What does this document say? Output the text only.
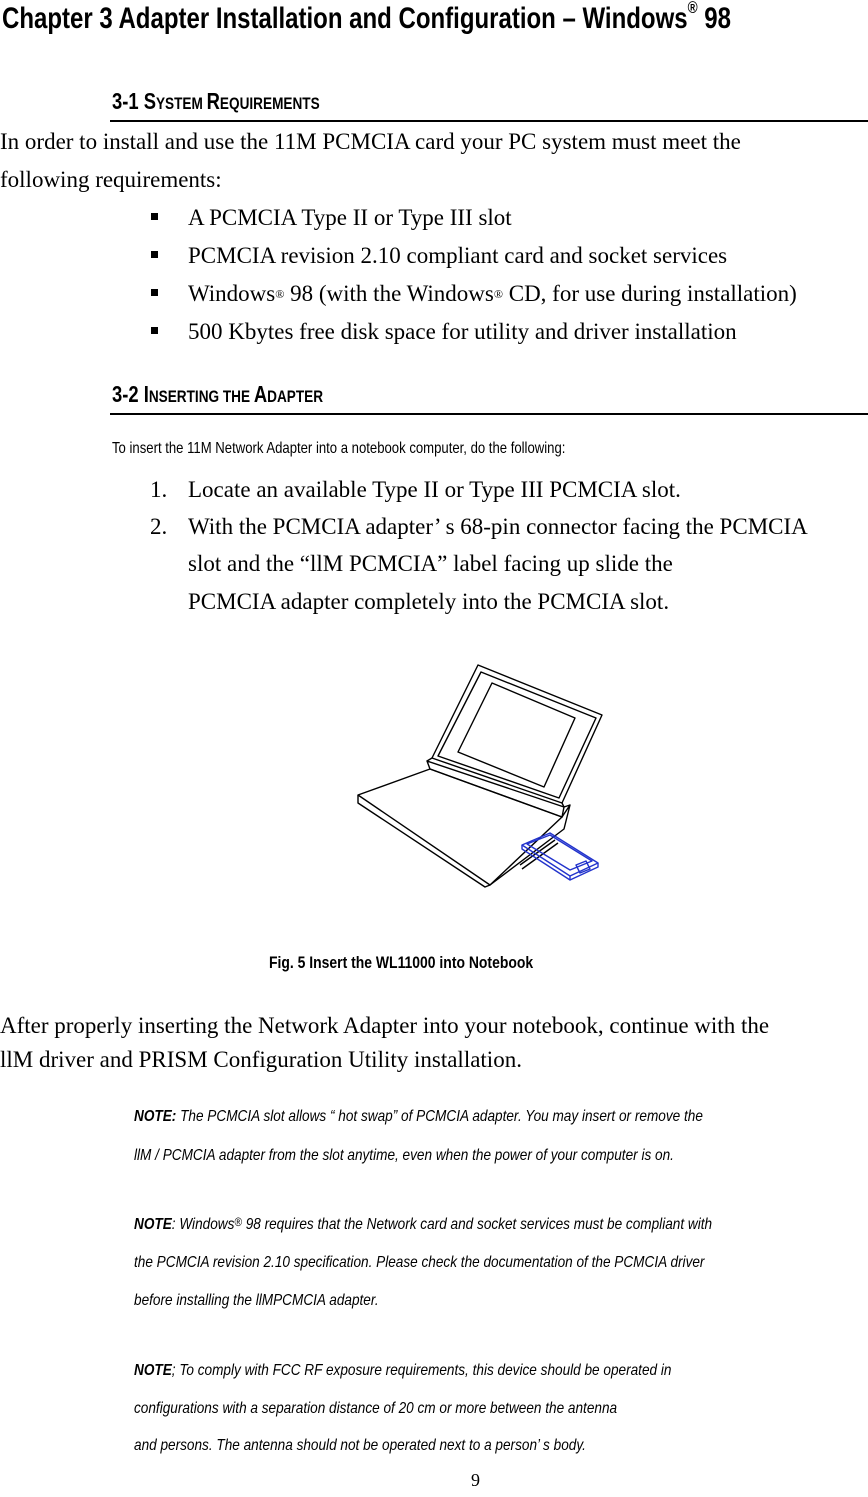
Chapter 3 Adapter Installation and Configuration – Windows® 98
3-1 SYSTEM REQUIREMENTS
In order to install and use the 11M PCMCIA card your PC system must meet the
following requirements:
A PCMCIA Type II or Type III slot
PCMCIA revision 2.10 compliant card and socket services
Windows® 98 (with the Windows® CD, for use during installation)
500 Kbytes free disk space for utility and driver installation
3-2 INSERTING THE ADAPTER
To insert the 11M Network Adapter into a notebook computer, do the following:
1. Locate an available Type II or Type III PCMCIA slot.
2. With the PCMCIA adapter’ s 68-pin connector facing the PCMCIA
slot and the “llM PCMCIA” label facing up slide the
PCMCIA adapter completely into the PCMCIA slot.
Fig. 5 Insert the WL11000 into Notebook
After properly inserting the Network Adapter into your notebook, continue with the
llM driver and PRISM Configuration Utility installation.
NOTE: The PCMCIA slot allows “ hot swap” of PCMCIA adapter. You may insert or remove the
llM / PCMCIA adapter from the slot anytime, even when the power of your computer is on.
NOTE: Windows® 98 requires that the Network card and socket services must be compliant with
the PCMCIA revision 2.10 specification. Please check the documentation of the PCMCIA driver
before installing the llMPCMCIA adapter.
NOTE; To comply with FCC RF exposure requirements, this device should be operated in
configurations with a separation distance of 20 cm or more between the antenna
and persons. The antenna should not be operated next to a person’ s body.
9
